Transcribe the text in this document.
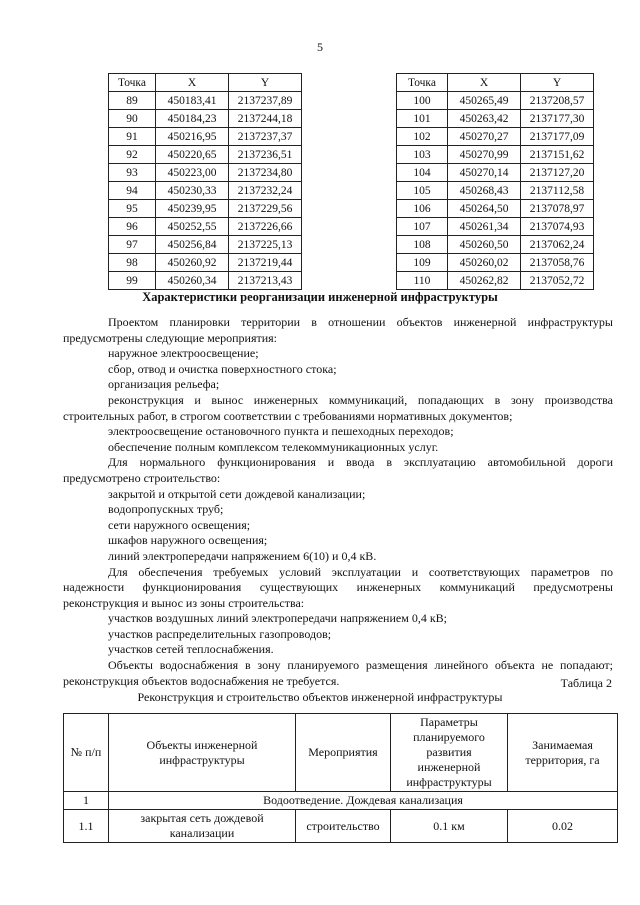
5
Точка	X	Y
89	450183,41	2137237,89
90	450184,23	2137244,18
91	450216,95	2137237,37
92	450220,65	2137236,51
93	450223,00	2137234,80
94	450230,33	2137232,24
95	450239,95	2137229,56
96	450252,55	2137226,66
97	450256,84	2137225,13
98	450260,92	2137219,44
99	450260,34	2137213,43
Точка	X	Y
100	450265,49	2137208,57
101	450263,42	2137177,30
102	450270,27	2137177,09
103	450270,99	2137151,62
104	450270,14	2137127,20
105	450268,43	2137112,58
106	450264,50	2137078,97
107	450261,34	2137074,93
108	450260,50	2137062,24
109	450260,02	2137058,76
110	450262,82	2137052,72
Характеристики реорганизации инженерной инфраструктуры

Проектом планировки территории в отношении объектов инженерной инфраструктуры предусмотрены следующие мероприятия:

наружное электроосвещение;

сбор, отвод и очистка поверхностного стока;

организация рельефа;

реконструкция и вынос инженерных коммуникаций, попадающих в зону производства строительных работ, в строгом соответствии с требованиями нормативных документов;

электроосвещение остановочного пункта и пешеходных переходов;

обеспечение полным комплексом телекоммуникационных услуг.

Для нормального функционирования и ввода в эксплуатацию автомобильной дороги предусмотрено строительство:

закрытой и открытой сети дождевой канализации;

водопропускных труб;

сети наружного освещения;

шкафов наружного освещения;

линий электропередачи напряжением 6(10) и 0,4 кВ.

Для обеспечения требуемых условий эксплуатации и соответствующих параметров по надежности функционирования существующих инженерных коммуникаций предусмотрены реконструкция и вынос из зоны строительства:

участков воздушных линий электропередачи напряжением 0,4 кВ;

участков распределительных газопроводов;

участков сетей теплоснабжения.

Объекты водоснабжения в зону планируемого размещения линейного объекта не попадают; реконструкция объектов водоснабжения не требуется.	Таблица 2
Реконструкция и строительство объектов инженерной инфраструктуры
№ п/п	Объекты инженерной инфраструктуры	Мероприятия	Параметры планируемого развития инженерной инфраструктуры	Занимаемая территория, га
1	Водоотведение. Дождевая канализация			
1.1	закрытая сеть дождевой канализации	строительство	0.1 км	0.02
